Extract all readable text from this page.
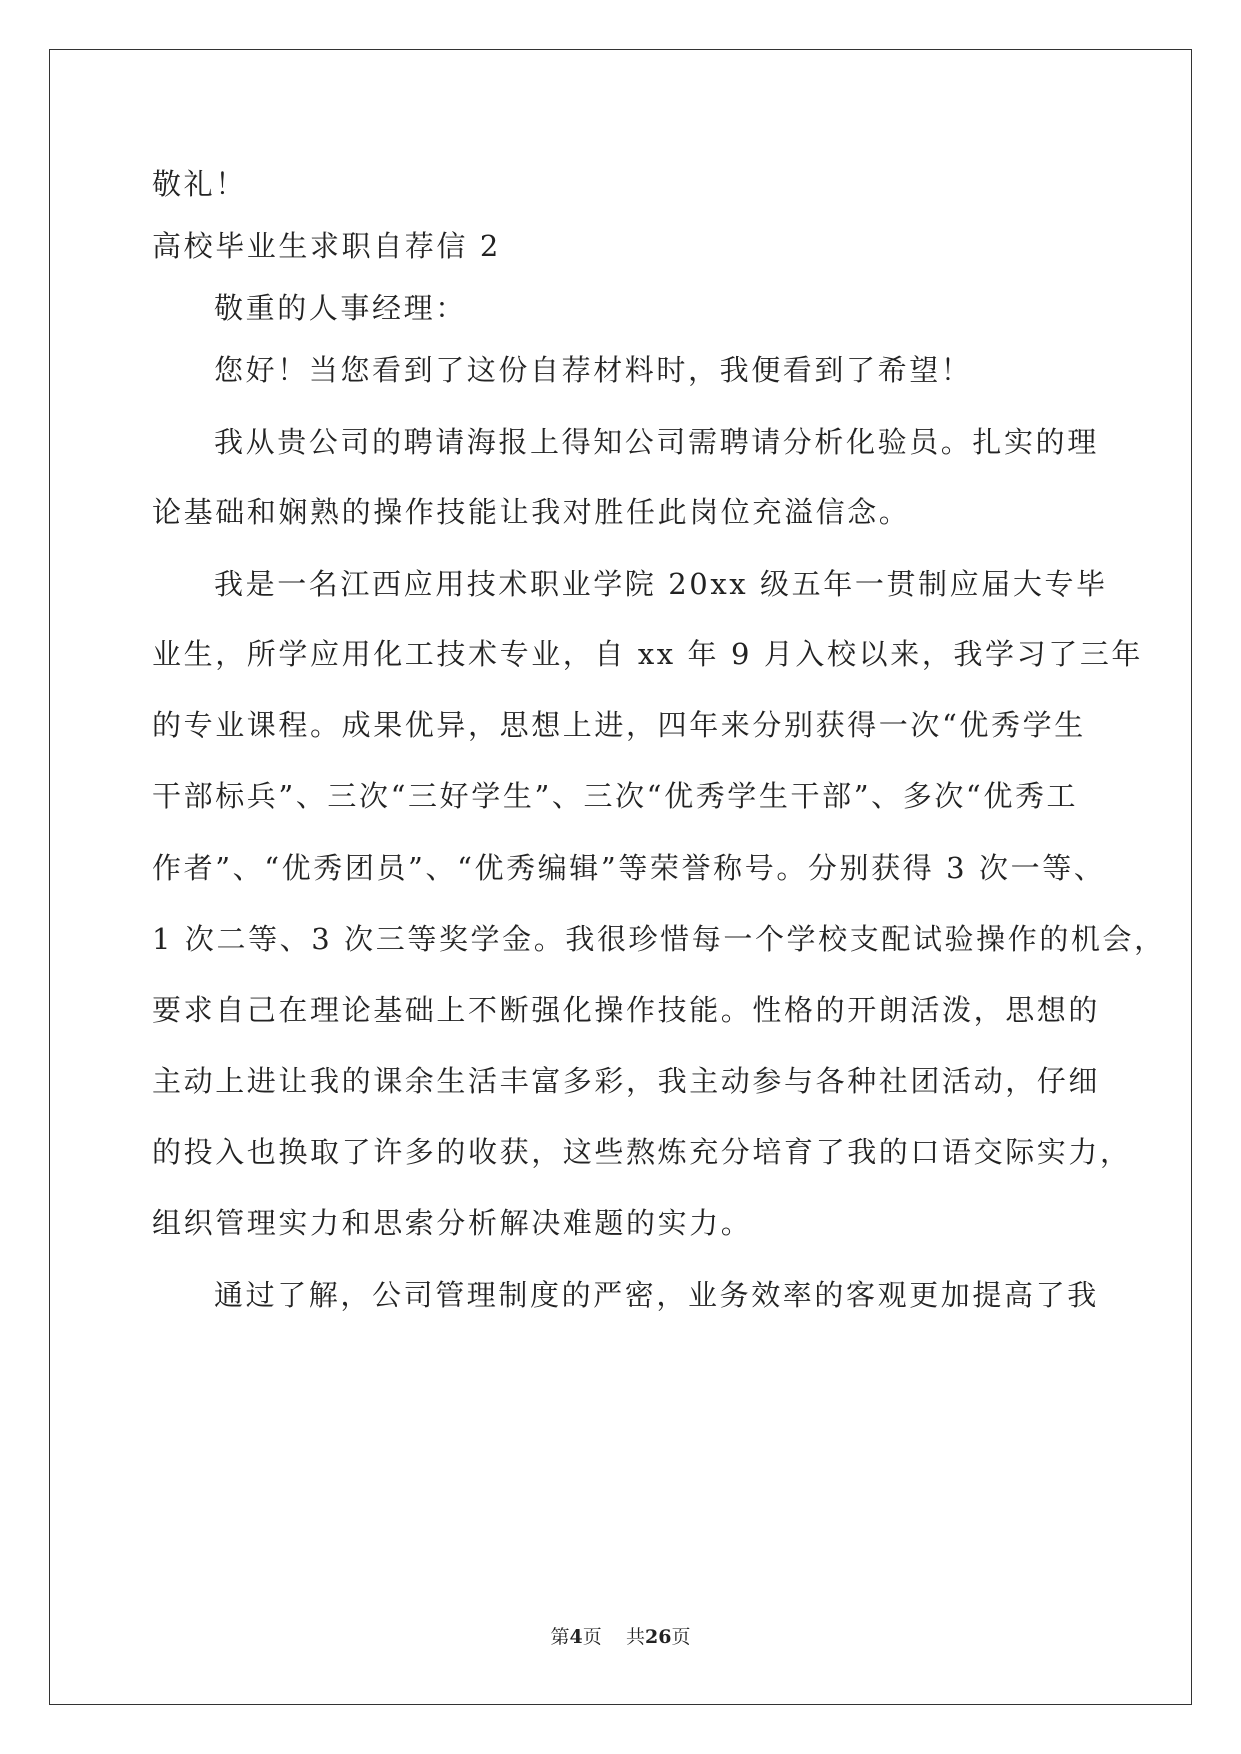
敬礼！
高校毕业生求职自荐信 2
敬重的人事经理：
您好！当您看到了这份自荐材料时，我便看到了希望！
我从贵公司的聘请海报上得知公司需聘请分析化验员。扎实的理
论基础和娴熟的操作技能让我对胜任此岗位充溢信念。
我是一名江西应用技术职业学院 20xx 级五年一贯制应届大专毕
业生，所学应用化工技术专业，自 xx 年 9 月入校以来，我学习了三年
的专业课程。成果优异，思想上进，四年来分别获得一次“优秀学生
干部标兵”、三次“三好学生”、三次“优秀学生干部”、多次“优秀工
作者”、“优秀团员”、“优秀编辑”等荣誉称号。分别获得 3 次一等、
1 次二等、3 次三等奖学金。我很珍惜每一个学校支配试验操作的机会，
要求自己在理论基础上不断强化操作技能。性格的开朗活泼，思想的
主动上进让我的课余生活丰富多彩，我主动参与各种社团活动，仔细
的投入也换取了许多的收获，这些熬炼充分培育了我的口语交际实力，
组织管理实力和思索分析解决难题的实力。
通过了解，公司管理制度的严密，业务效率的客观更加提高了我
第4页 共26页
